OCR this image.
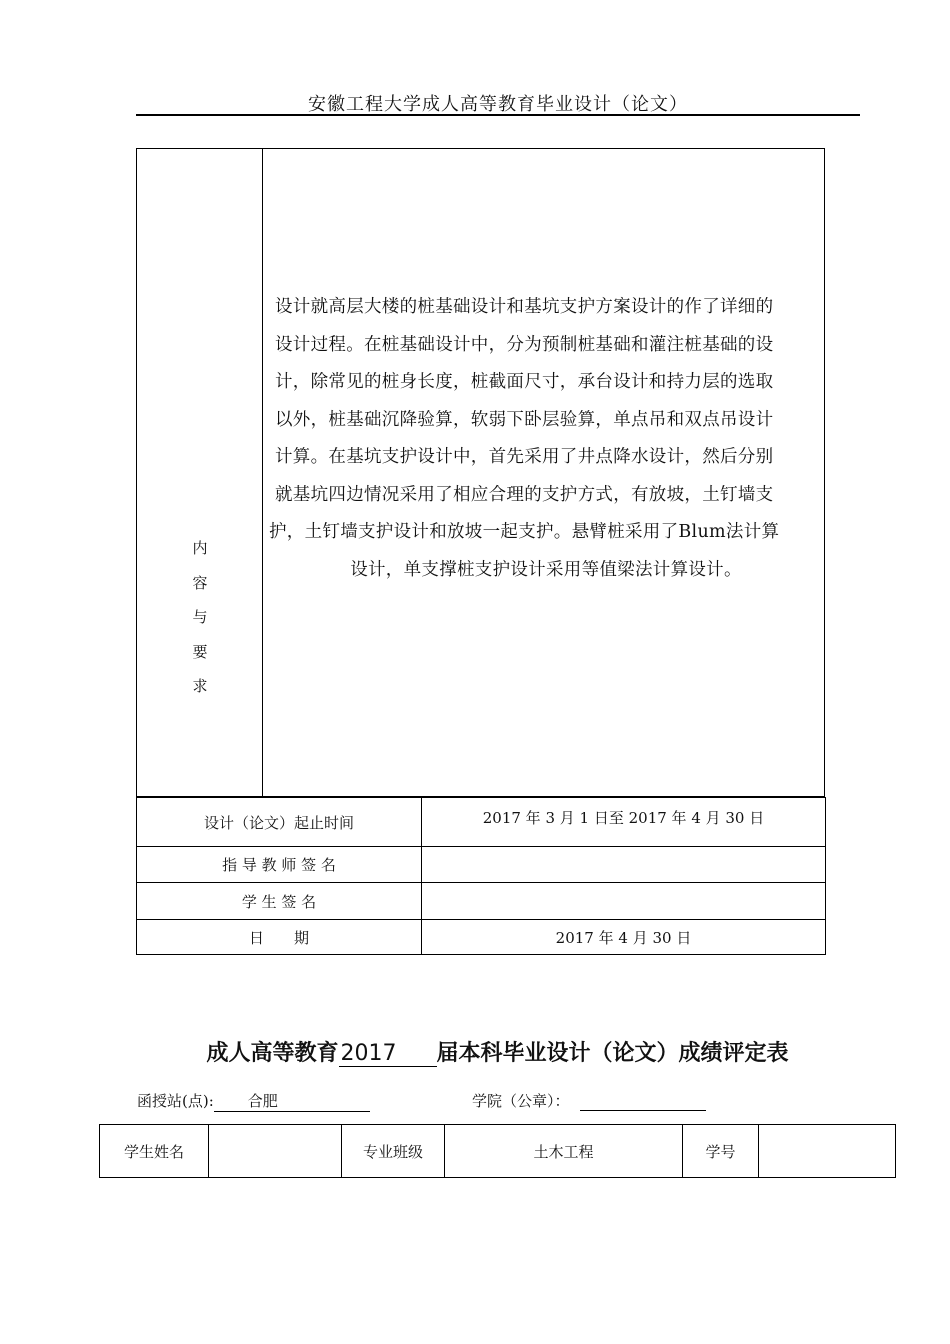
安徽工程大学成人高等教育毕业设计（论文）
内
容
与
要
求
设计就高层大楼的桩基础设计和基坑支护方案设计的作了详细的
设计过程。在桩基础设计中，分为预制桩基础和灌注桩基础的设
计，除常见的桩身长度，桩截面尺寸，承台设计和持力层的选取
以外，桩基础沉降验算，软弱下卧层验算，单点吊和双点吊设计
计算。在基坑支护设计中，首先采用了井点降水设计，然后分别
就基坑四边情况采用了相应合理的支护方式，有放坡，土钉墙支
护，土钉墙支护设计和放坡一起支护。悬臂桩采用了Blum法计算
设计，单支撑桩支护设计采用等值梁法计算设计。
设计（论文）起止时间	2017 年 3 月 1 日至 2017 年 4 月 30 日
指 导 教 师 签 名	
学 生 签 名	
日　　期	2017 年 4 月 30 日
成人高等教育2017 届本科毕业设计（论文）成绩评定表
函授站(点): 合肥	学院（公章）：
学生姓名		专业班级	土木工程	学号	
